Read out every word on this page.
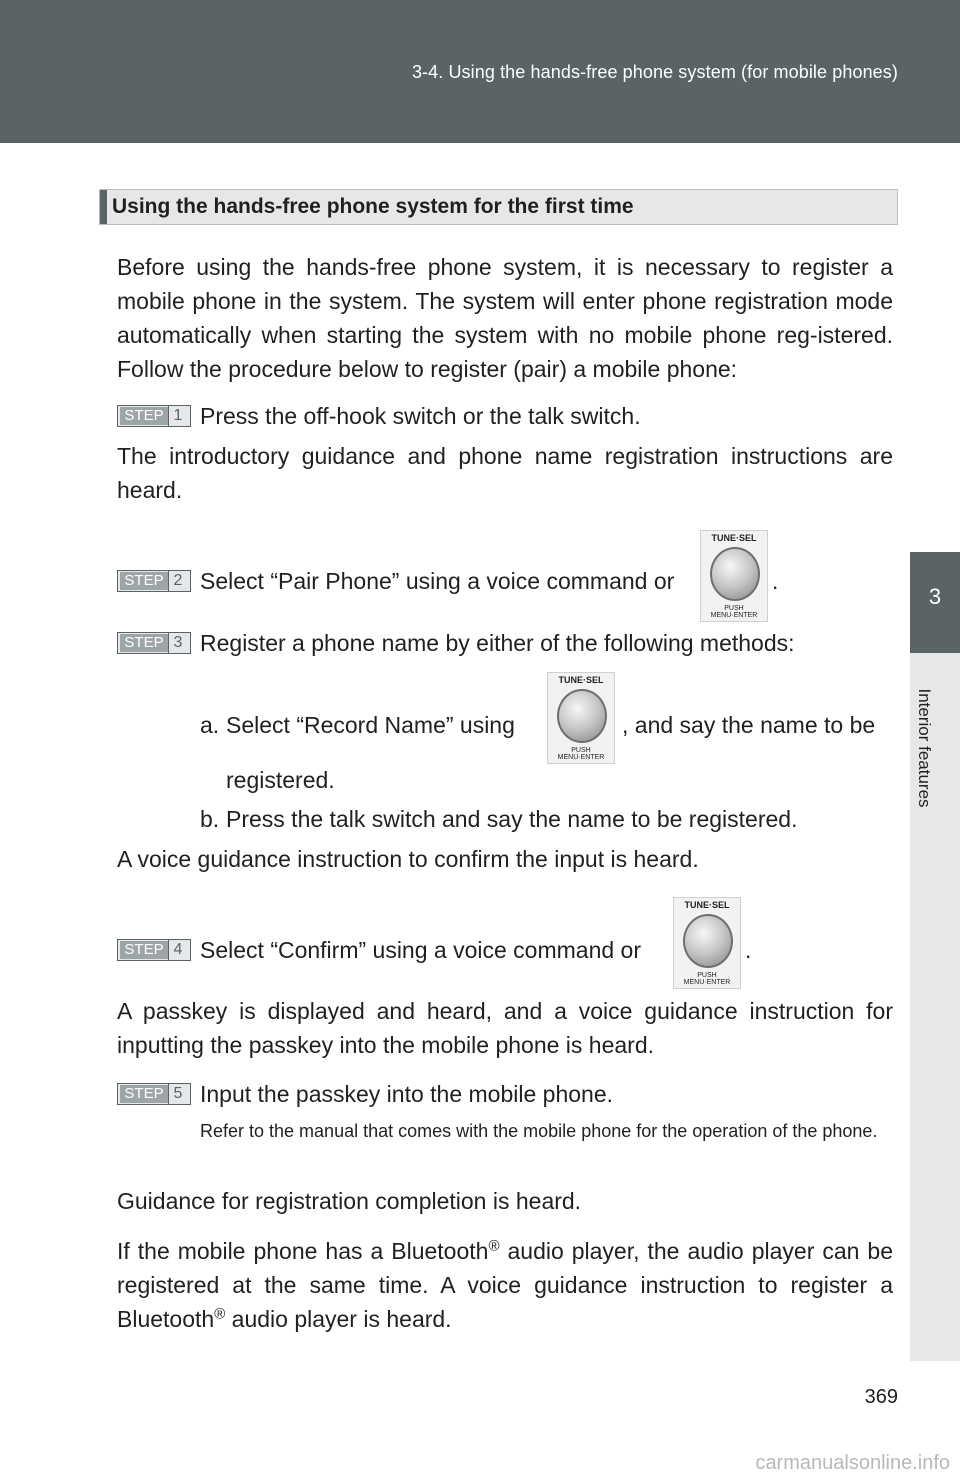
3-4. Using the hands-free phone system (for mobile phones)
3
Interior features
Using the hands-free phone system for the first time
Before using the hands-free phone system, it is necessary to register a mobile phone in the system. The system will enter phone registration mode automatically when starting the system with no mobile phone reg-istered. Follow the procedure below to register (pair) a mobile phone:
STEP 1 Press the off-hook switch or the talk switch.
The introductory guidance and phone name registration instructions are heard.
STEP 2 Select “Pair Phone” using a voice command or
TUNE·SEL
PUSH MENU·ENTER
.
STEP 3 Register a phone name by either of the following methods:
a. Select “Record Name” using
TUNE·SEL
PUSH MENU·ENTER
, and say the name to be
registered.
b. Press the talk switch and say the name to be registered.
A voice guidance instruction to confirm the input is heard.
STEP 4 Select “Confirm” using a voice command or
TUNE·SEL
PUSH MENU·ENTER
.
A passkey is displayed and heard, and a voice guidance instruction for inputting the passkey into the mobile phone is heard.
STEP 5 Input the passkey into the mobile phone.
Refer to the manual that comes with the mobile phone for the operation of the phone.
Guidance for registration completion is heard.
If the mobile phone has a Bluetooth® audio player, the audio player can be registered at the same time. A voice guidance instruction to register a Bluetooth® audio player is heard.
369
carmanualsonline.info
